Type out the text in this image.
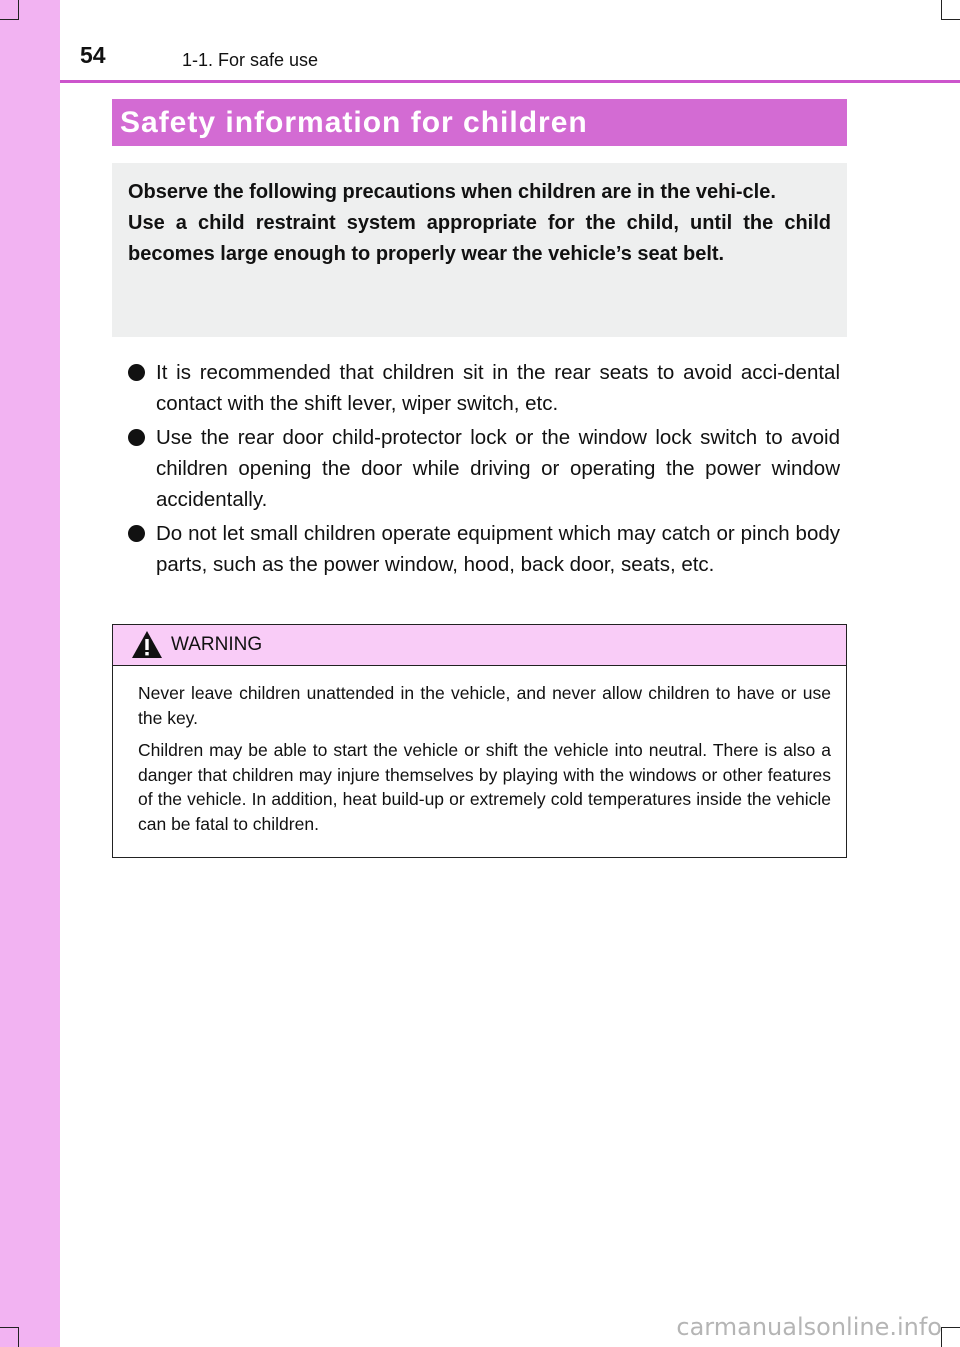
54	1-1. For safe use
Safety information for children

Observe the following precautions when children are in the vehi-cle.

Use a child restraint system appropriate for the child, until the child becomes large enough to properly wear the vehicle’s seat belt.

It is recommended that children sit in the rear seats to avoid acci-dental contact with the shift lever, wiper switch, etc.
Use the rear door child-protector lock or the window lock switch to avoid children opening the door while driving or operating the power window accidentally.
Do not let small children operate equipment which may catch or pinch body parts, such as the power window, hood, back door, seats, etc.
WARNING

Never leave children unattended in the vehicle, and never allow children to have or use the key.

Children may be able to start the vehicle or shift the vehicle into neutral. There is also a danger that children may injure themselves by playing with the windows or other features of the vehicle. In addition, heat build-up or extremely cold temperatures inside the vehicle can be fatal to children.

carmanualsonline.info
